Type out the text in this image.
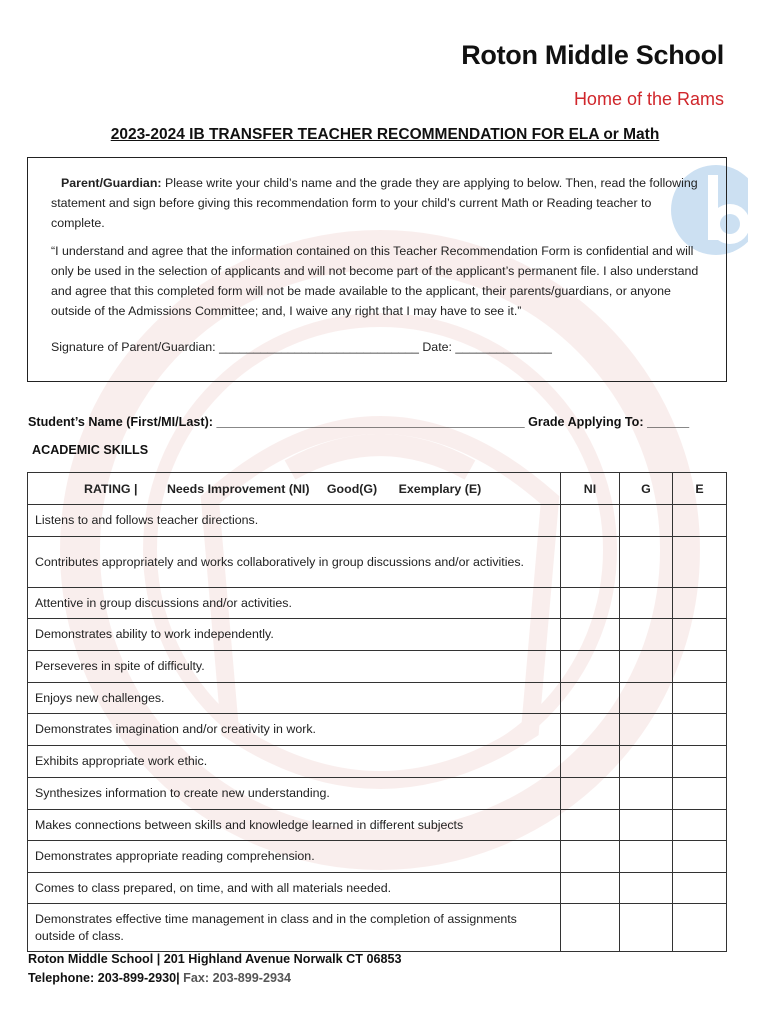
Roton Middle School
Home of the Rams
2023-2024 IB TRANSFER TEACHER RECOMMENDATION FOR ELA or Math

Parent/Guardian: Please write your child’s name and the grade they are applying to below. Then, read the following statement and sign before giving this recommendation form to your child’s current Math or Reading teacher to complete.

“I understand and agree that the information contained on this Teacher Recommendation Form is confidential and will only be used in the selection of applicants and will not become part of the applicant’s permanent file. I also understand and agree that this completed form will not be made available to the applicant, their parents/guardians, or anyone outside of the Admissions Committee; and, I waive any right that I may have to see it.”

Signature of Parent/Guardian: _____________________________ Date: ______________

Student’s Name (First/MI/Last): ____________________________________________ Grade Applying To: ______
ACADEMIC SKILLS
RATING | Needs Improvement (NI) Good(G) Exemplary (E)	NI	G	E
Listens to and follows teacher directions.			
Contributes appropriately and works collaboratively in group discussions and/or activities.			
Attentive in group discussions and/or activities.			
Demonstrates ability to work independently.			
Perseveres in spite of difficulty.			
Enjoys new challenges.			
Demonstrates imagination and/or creativity in work.			
Exhibits appropriate work ethic.			
Synthesizes information to create new understanding.			
Makes connections between skills and knowledge learned in different subjects			
Demonstrates appropriate reading comprehension.			
Comes to class prepared, on time, and with all materials needed.			
Demonstrates effective time management in class and in the completion of assignments outside of class.			
Roton Middle School | 201 Highland Avenue Norwalk CT 06853
Telephone: 203-899-2930| Fax: 203-899-2934
